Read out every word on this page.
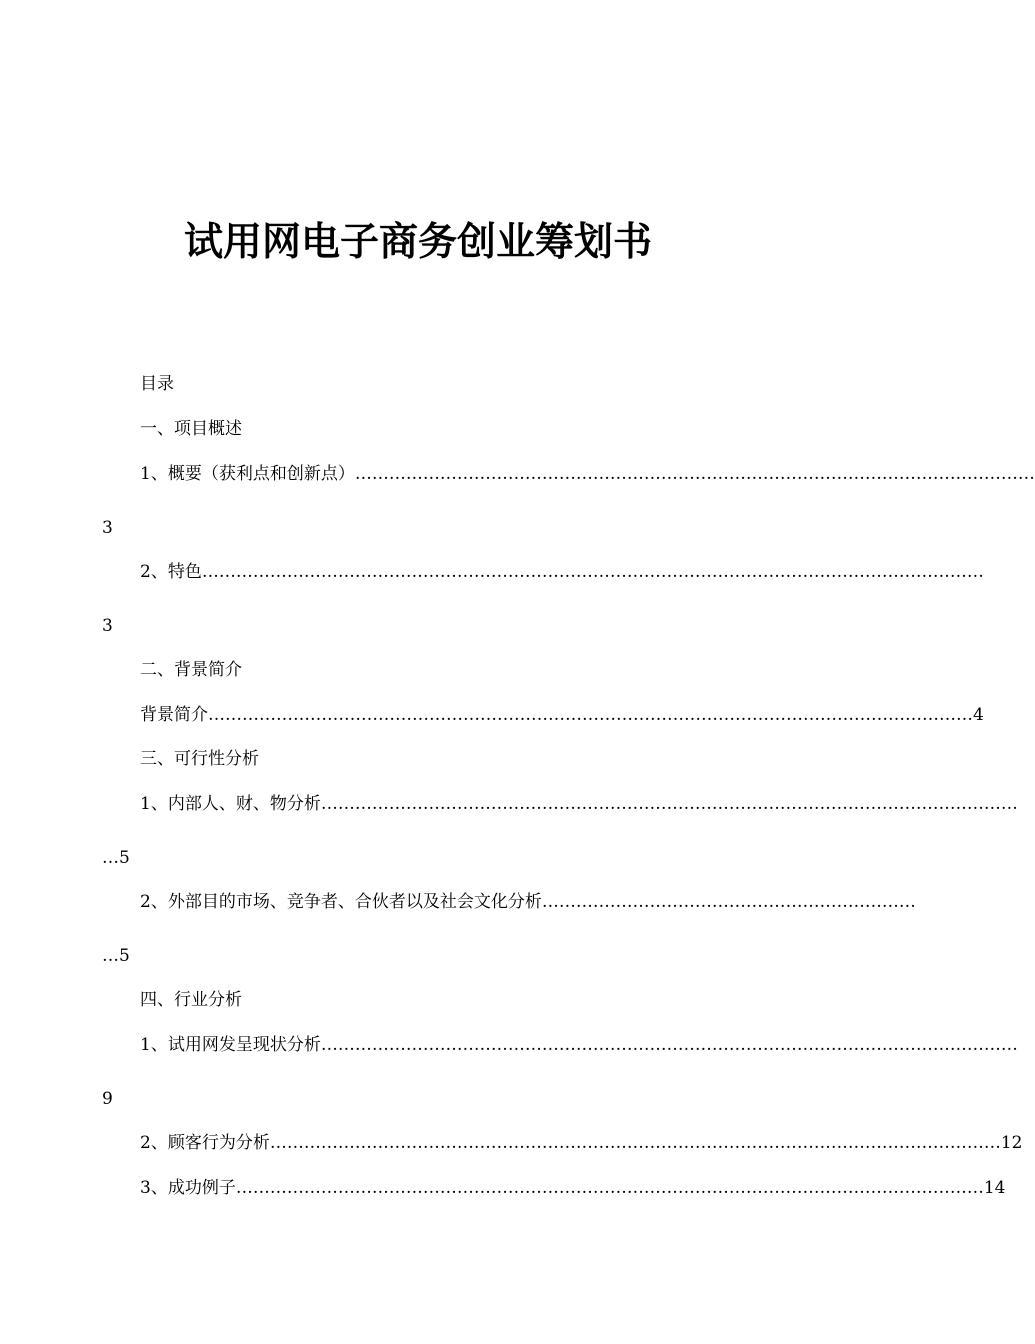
试用网电子商务创业筹划书
目录
一、项目概述
1、概要（获利点和创新点） …………………………………………………………………………………………………………
3
2、特色 …………………………………………………………………………………………………………………………
3
二、背景简介
背景简介 ……………………………………………………………………………………………………………………… 4
三、可行性分析
1、内部人、财、物分析 ……………………………………………………………………………………………………………
…5
2、外部目的市场、竞争者、合伙者以及社会文化分析 …………………………………………………………
…5
四、行业分析
1、试用网发呈现状分析 ……………………………………………………………………………………………………………
9
2、顾客行为分析 ………………………………………………………………………………………………………………… 12
3、成功例子 …………………………………………………………………………………………………………………… 14
